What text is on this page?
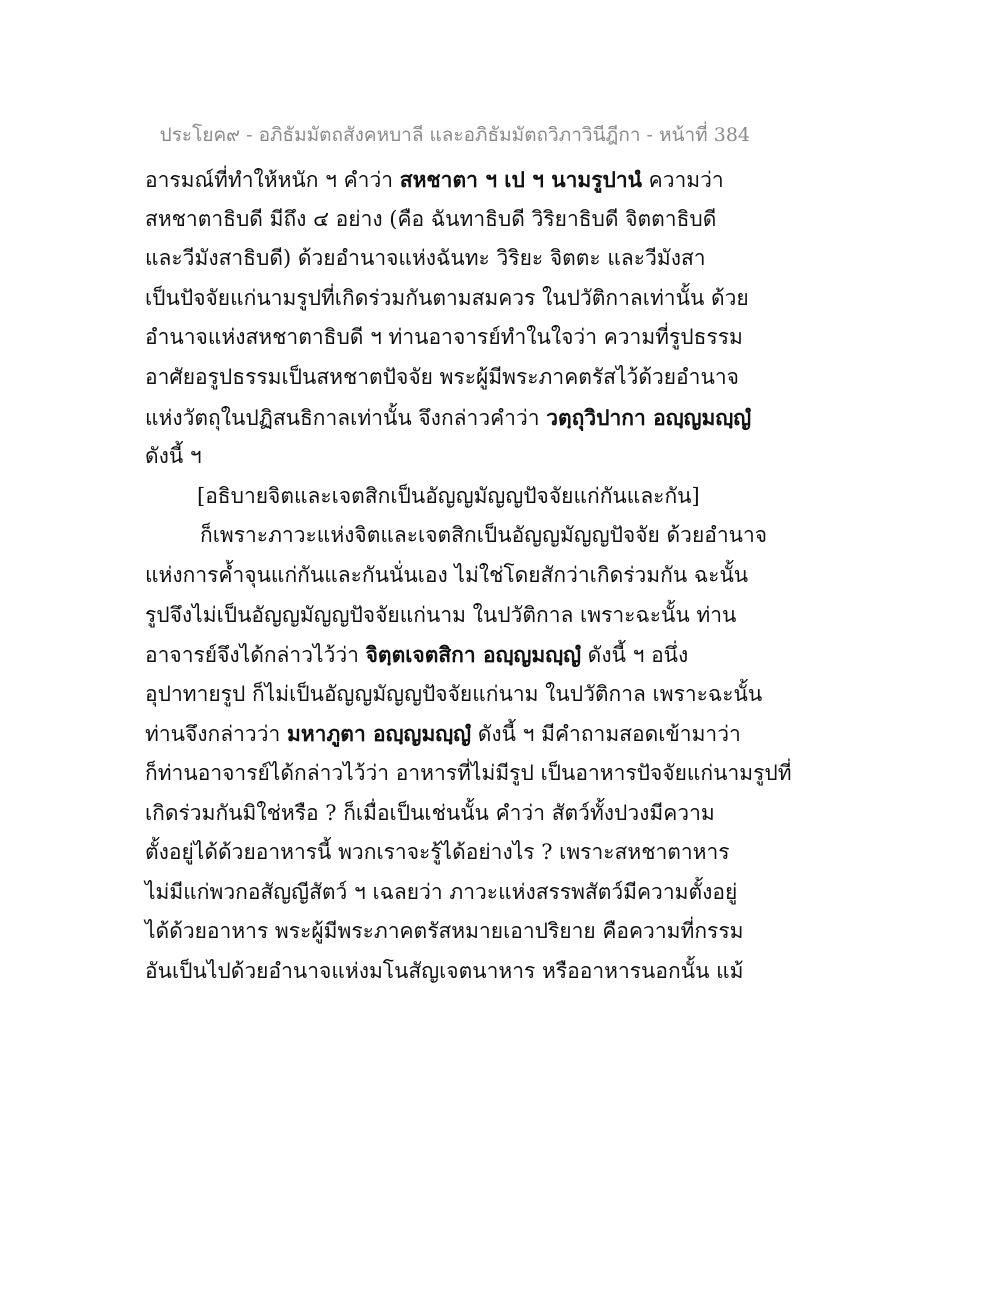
ประโยค๙ - อภิธัมมัตถสังคหบาลี และอภิธัมมัตถวิภาวินีฎีกา - หน้าที่ 384
อารมณ์ที่ทำให้หนัก ฯ คำว่า สหชาตา ฯ เป ฯ นามรูปานํ ความว่า
สหชาตาธิบดี มีถึง ๔ อย่าง (คือ ฉันทาธิบดี วิริยาธิบดี จิตตาธิบดี
และวีมังสาธิบดี) ด้วยอำนาจแห่งฉันทะ วิริยะ จิตตะ และวีมังสา
เป็นปัจจัยแก่นามรูปที่เกิดร่วมกันตามสมควร ในปวัติกาลเท่านั้น ด้วย
อำนาจแห่งสหชาตาธิบดี ฯ ท่านอาจารย์ทำในใจว่า ความที่รูปธรรม
อาศัยอรูปธรรมเป็นสหชาตปัจจัย พระผู้มีพระภาคตรัสไว้ด้วยอำนาจ
แห่งวัตถุในปฏิสนธิกาลเท่านั้น จึงกล่าวคำว่า วตฺถุวิปากา อญฺญมญฺญํ
ดังนี้ ฯ
[อธิบายจิตและเจตสิกเป็นอัญญมัญญปัจจัยแก่กันและกัน]
ก็เพราะภาวะแห่งจิตและเจตสิกเป็นอัญญมัญญปัจจัย ด้วยอำนาจ
แห่งการค้ำจุนแก่กันและกันนั่นเอง ไม่ใช่โดยสักว่าเกิดร่วมกัน ฉะนั้น
รูปจึงไม่เป็นอัญญมัญญปัจจัยแก่นาม ในปวัติกาล เพราะฉะนั้น ท่าน
อาจารย์จึงได้กล่าวไว้ว่า จิตฺตเจตสิกา อญฺญมญฺญํ ดังนี้ ฯ อนึ่ง
อุปาทายรูป ก็ไม่เป็นอัญญมัญญปัจจัยแก่นาม ในปวัติกาล เพราะฉะนั้น
ท่านจึงกล่าวว่า มหาภูตา อญฺญมญฺญํ ดังนี้ ฯ มีคำถามสอดเข้ามาว่า
ก็ท่านอาจารย์ได้กล่าวไว้ว่า อาหารที่ไม่มีรูป เป็นอาหารปัจจัยแก่นามรูปที่
เกิดร่วมกันมิใช่หรือ ? ก็เมื่อเป็นเช่นนั้น คำว่า สัตว์ทั้งปวงมีความ
ตั้งอยู่ได้ด้วยอาหารนี้ พวกเราจะรู้ได้อย่างไร ? เพราะสหชาตาหาร
ไม่มีแก่พวกอสัญญีสัตว์ ฯ เฉลยว่า ภาวะแห่งสรรพสัตว์มีความตั้งอยู่
ได้ด้วยอาหาร พระผู้มีพระภาคตรัสหมายเอาปริยาย คือความที่กรรม
อันเป็นไปด้วยอำนาจแห่งมโนสัญเจตนาหาร หรืออาหารนอกนั้น แม้
